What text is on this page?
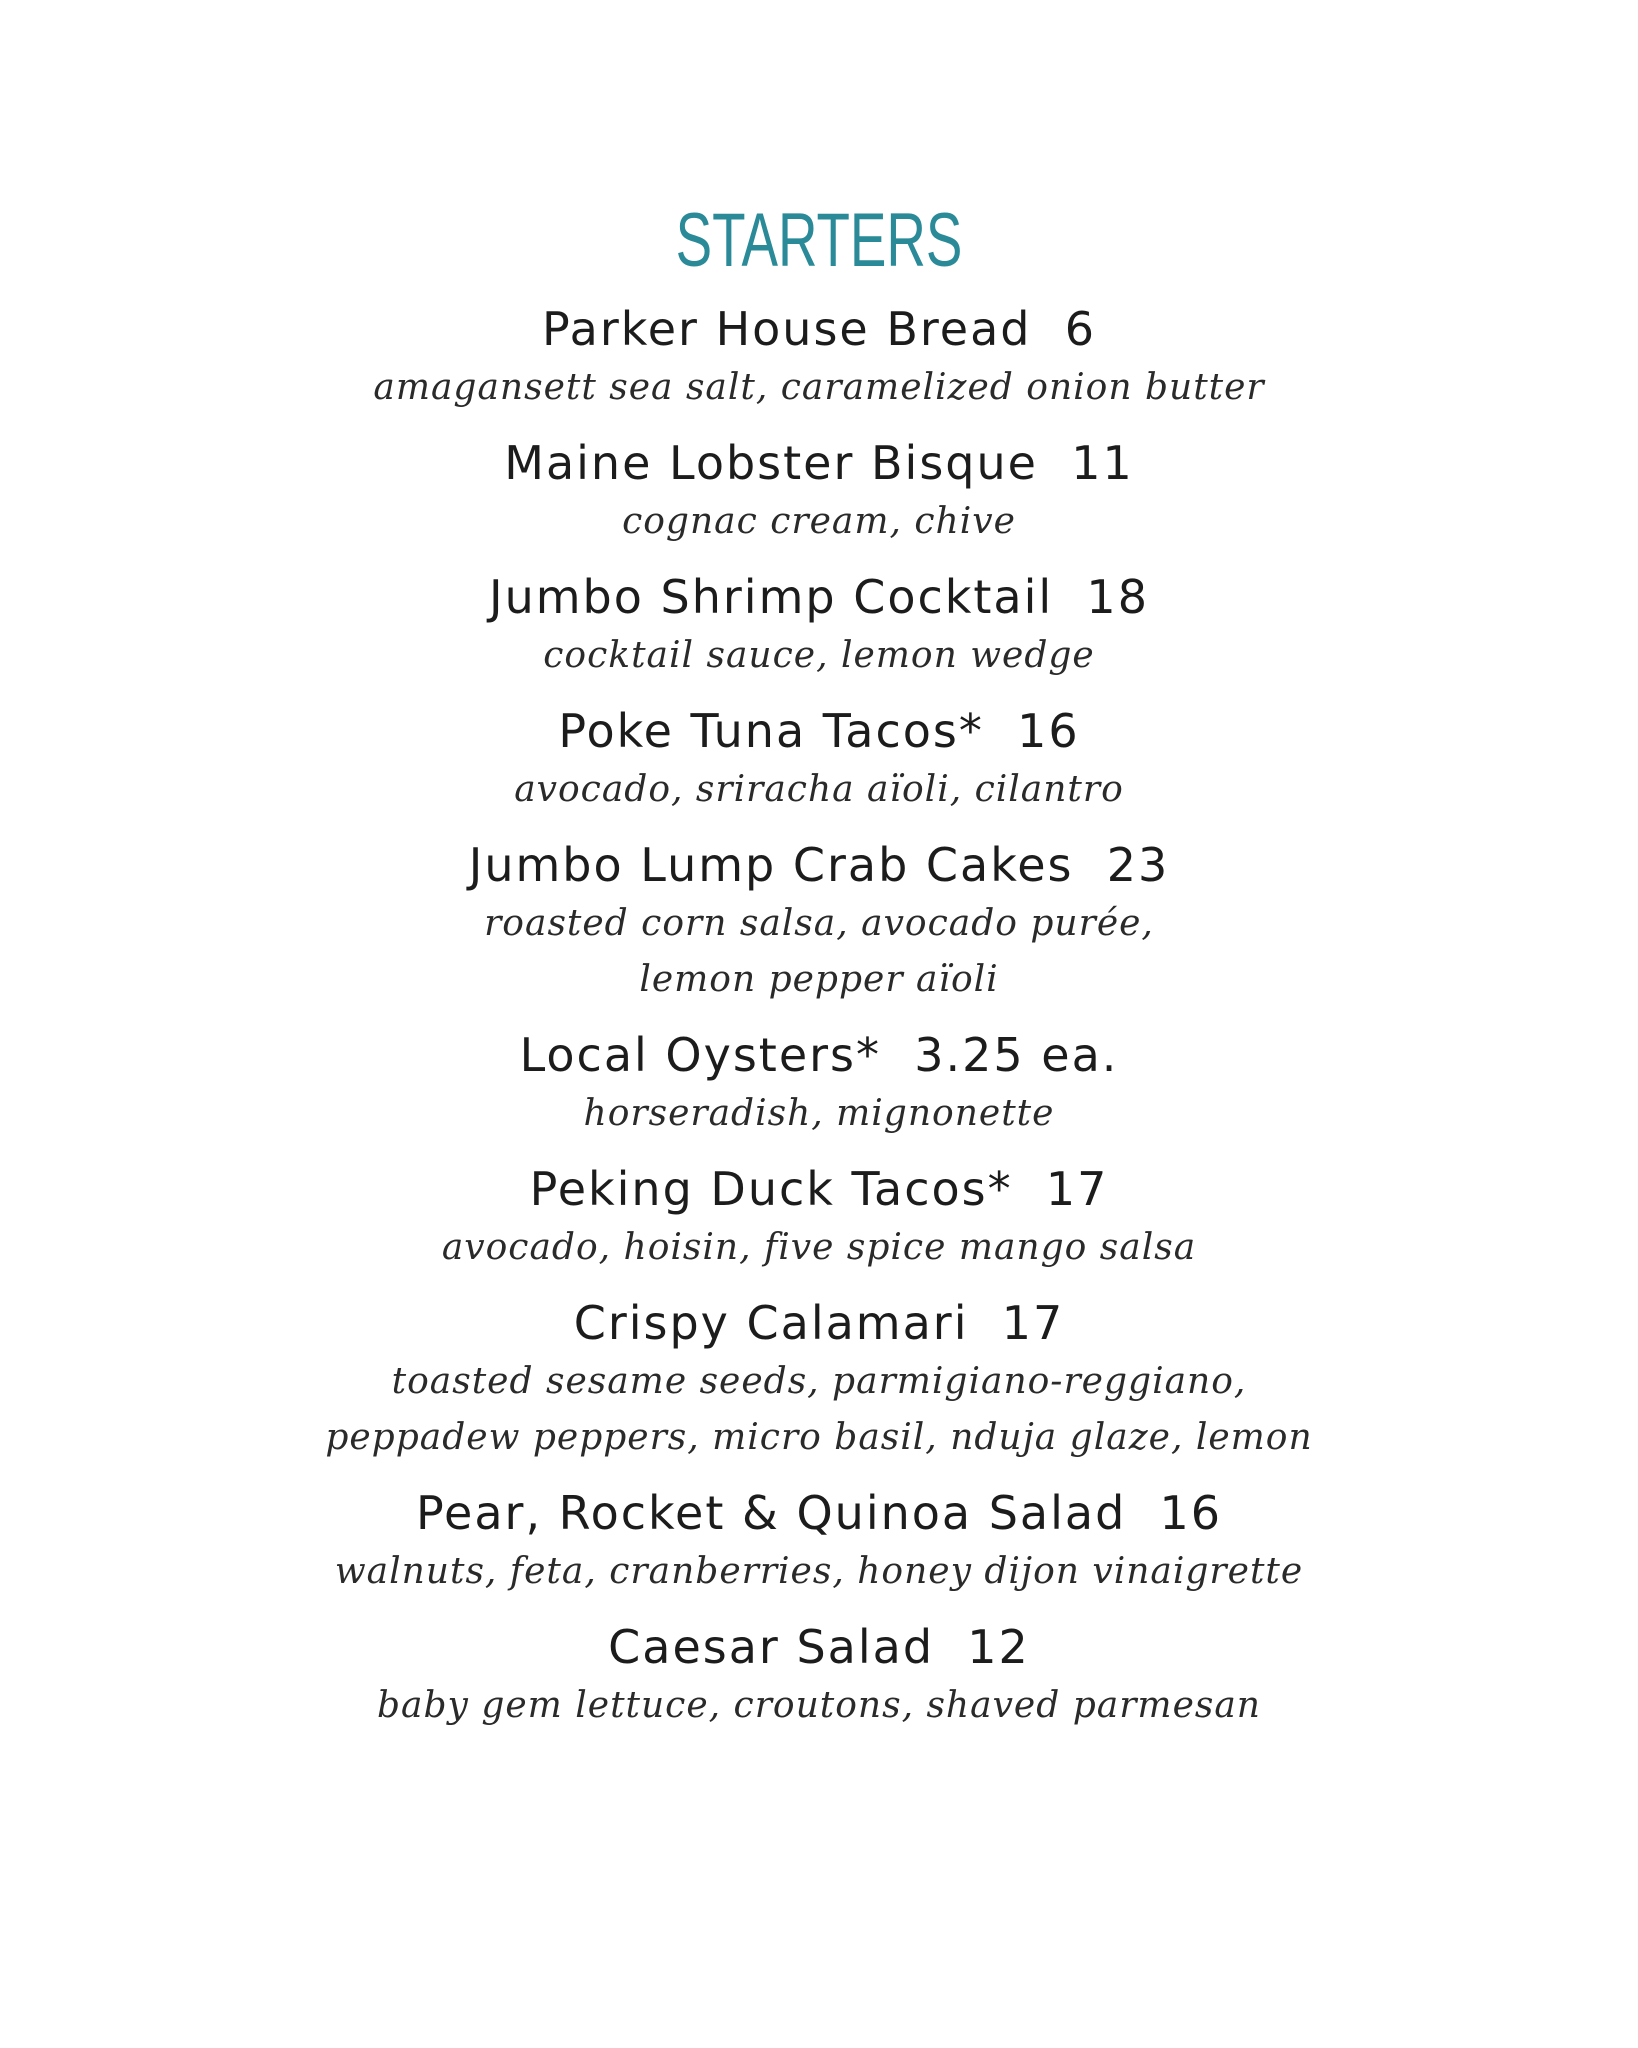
STARTERS
Parker House Bread  6
amagansett sea salt, caramelized onion butter
Maine Lobster Bisque  11
cognac cream, chive
Jumbo Shrimp Cocktail  18
cocktail sauce, lemon wedge
Poke Tuna Tacos*  16
avocado, sriracha aïoli, cilantro
Jumbo Lump Crab Cakes  23
roasted corn salsa, avocado purée,
lemon pepper aïoli
Local Oysters*  3.25 ea.
horseradish, mignonette
Peking Duck Tacos*  17
avocado, hoisin, five spice mango salsa
Crispy Calamari  17
toasted sesame seeds, parmigiano-reggiano,
peppadew peppers, micro basil, nduja glaze, lemon
Pear, Rocket & Quinoa Salad  16
walnuts, feta, cranberries, honey dijon vinaigrette
Caesar Salad  12
baby gem lettuce, croutons, shaved parmesan
